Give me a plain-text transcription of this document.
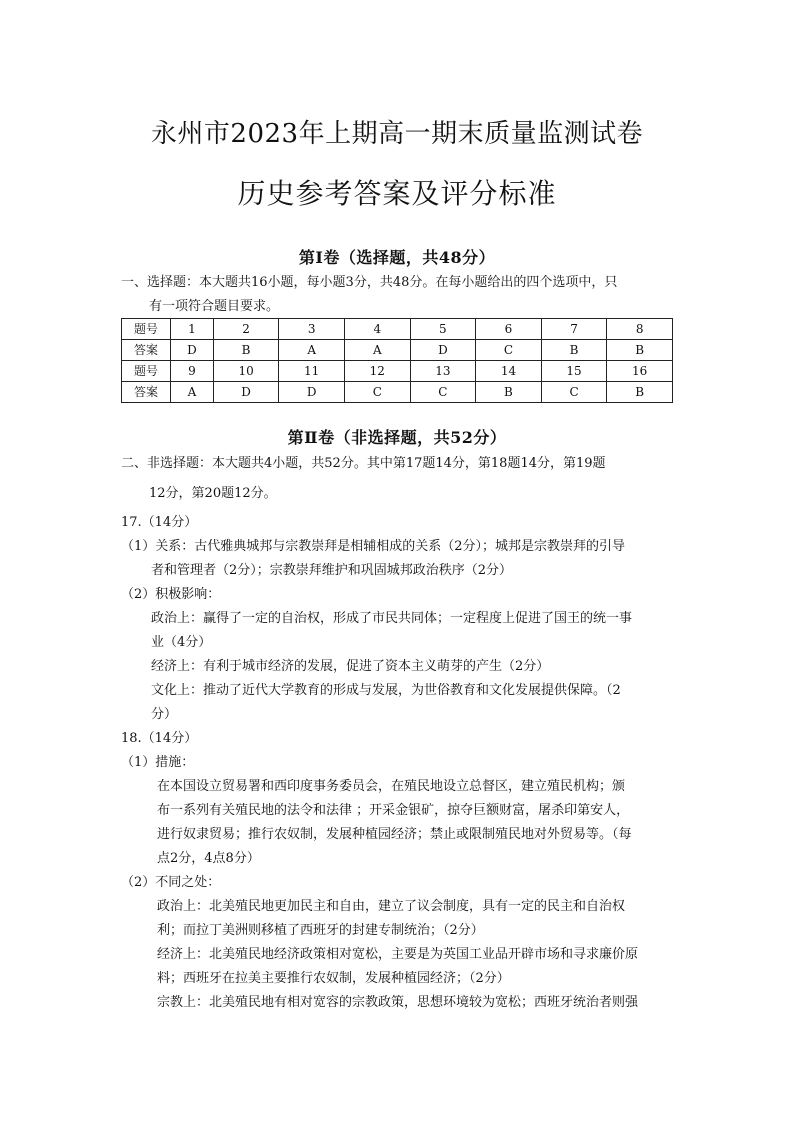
永州市2023年上期高一期末质量监测试卷
历史参考答案及评分标准
第Ⅰ卷（选择题，共48分）
一、选择题：本大题共16小题，每小题3分，共48分。在每小题给出的四个选项中，只
有一项符合题目要求。
题号	1	2	3	4	5	6	7	8
答案	D	B	A	A	D	C	B	B
题号	9	10	11	12	13	14	15	16
答案	A	D	D	C	C	B	C	B
第Ⅱ卷（非选择题，共52分）
二、非选择题：本大题共4小题，共52分。其中第17题14分，第18题14分，第19题
12分，第20题12分。
17.（14分）
（1）关系：古代雅典城邦与宗教崇拜是相辅相成的关系（2分）；城邦是宗教崇拜的引导
者和管理者（2分）；宗教崇拜维护和巩固城邦政治秩序（2分）
（2）积极影响：
政治上：赢得了一定的自治权，形成了市民共同体；一定程度上促进了国王的统一事
业（4分）
经济上：有利于城市经济的发展，促进了资本主义萌芽的产生（2分）
文化上：推动了近代大学教育的形成与发展，为世俗教育和文化发展提供保障。（2
分）
18.（14分）
（1）措施：
在本国设立贸易署和西印度事务委员会，在殖民地设立总督区，建立殖民机构；颁
布一系列有关殖民地的法令和法律 ；开采金银矿，掠夺巨额财富，屠杀印第安人，
进行奴隶贸易；推行农奴制，发展种植园经济；禁止或限制殖民地对外贸易等。（每
点2分，4点8分）
（2）不同之处：
政治上：北美殖民地更加民主和自由，建立了议会制度，具有一定的民主和自治权
利；而拉丁美洲则移植了西班牙的封建专制统治；（2分）
经济上：北美殖民地经济政策相对宽松，主要是为英国工业品开辟市场和寻求廉价原
料；西班牙在拉美主要推行农奴制，发展种植园经济；（2分）
宗教上：北美殖民地有相对宽容的宗教政策，思想环境较为宽松；西班牙统治者则强
